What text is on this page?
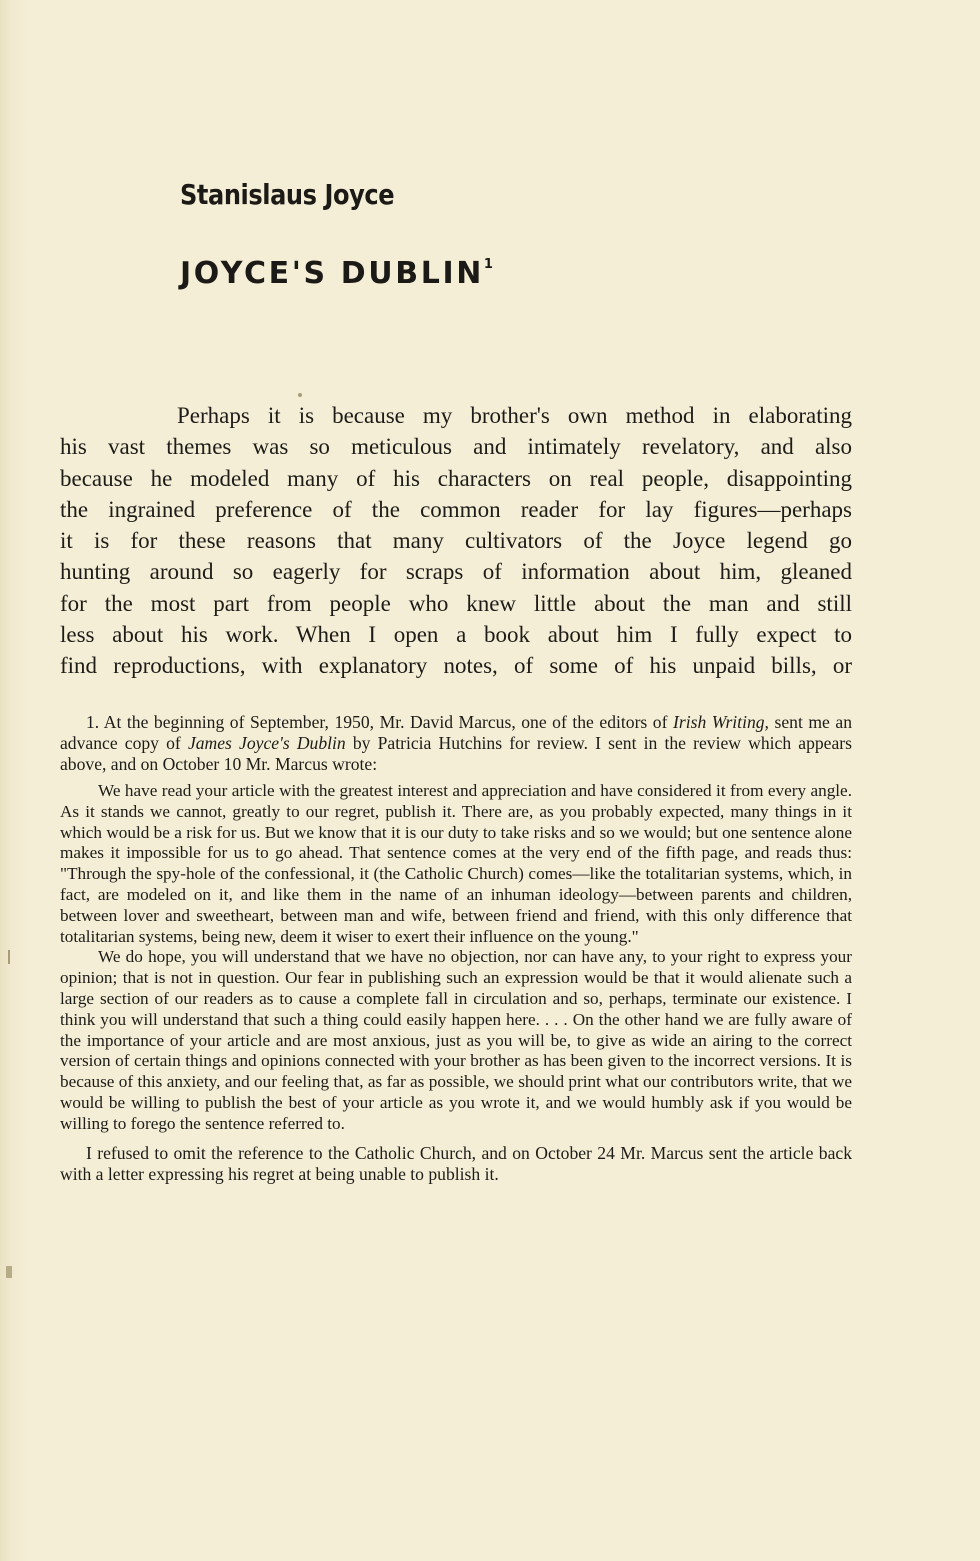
Stanislaus Joyce
JOYCE'S DUBLIN$^1$
Perhaps it is because my brother's own method in elaborating
his vast themes was so meticulous and intimately revelatory, and also
because he modeled many of his characters on real people, disappointing
the ingrained preference of the common reader for lay figures—perhaps
it is for these reasons that many cultivators of the Joyce legend go
hunting around so eagerly for scraps of information about him, gleaned
for the most part from people who knew little about the man and still
less about his work. When I open a book about him I fully expect to
find reproductions, with explanatory notes, of some of his unpaid bills, or

1. At the beginning of September, 1950, Mr. David Marcus, one of the editors of Irish Writing, sent me an advance copy of James Joyce's Dublin by Patricia Hutchins for review. I sent in the review which appears above, and on October 10 Mr. Marcus wrote:

We have read your article with the greatest interest and appreciation and have considered it from every angle. As it stands we cannot, greatly to our regret, publish it. There are, as you probably expected, many things in it which would be a risk for us. But we know that it is our duty to take risks and so we would; but one sentence alone makes it impossible for us to go ahead. That sentence comes at the very end of the fifth page, and reads thus: "Through the spy-hole of the confessional, it (the Catholic Church) comes—like the totalitarian systems, which, in fact, are modeled on it, and like them in the name of an inhuman ideology—between parents and children, between lover and sweetheart, between man and wife, between friend and friend, with this only difference that totalitarian systems, being new, deem it wiser to exert their influence on the young."

We do hope, you will understand that we have no objection, nor can have any, to your right to express your opinion; that is not in question. Our fear in publishing such an expression would be that it would alienate such a large section of our readers as to cause a complete fall in circulation and so, perhaps, terminate our existence. I think you will understand that such a thing could easily happen here. . . . On the other hand we are fully aware of the importance of your article and are most anxious, just as you will be, to give as wide an airing to the correct version of certain things and opinions connected with your brother as has been given to the incorrect versions. It is because of this anxiety, and our feeling that, as far as possible, we should print what our contributors write, that we would be willing to publish the best of your article as you wrote it, and we would humbly ask if you would be willing to forego the sentence referred to.

I refused to omit the reference to the Catholic Church, and on October 24 Mr. Marcus sent the article back with a letter expressing his regret at being unable to publish it.
